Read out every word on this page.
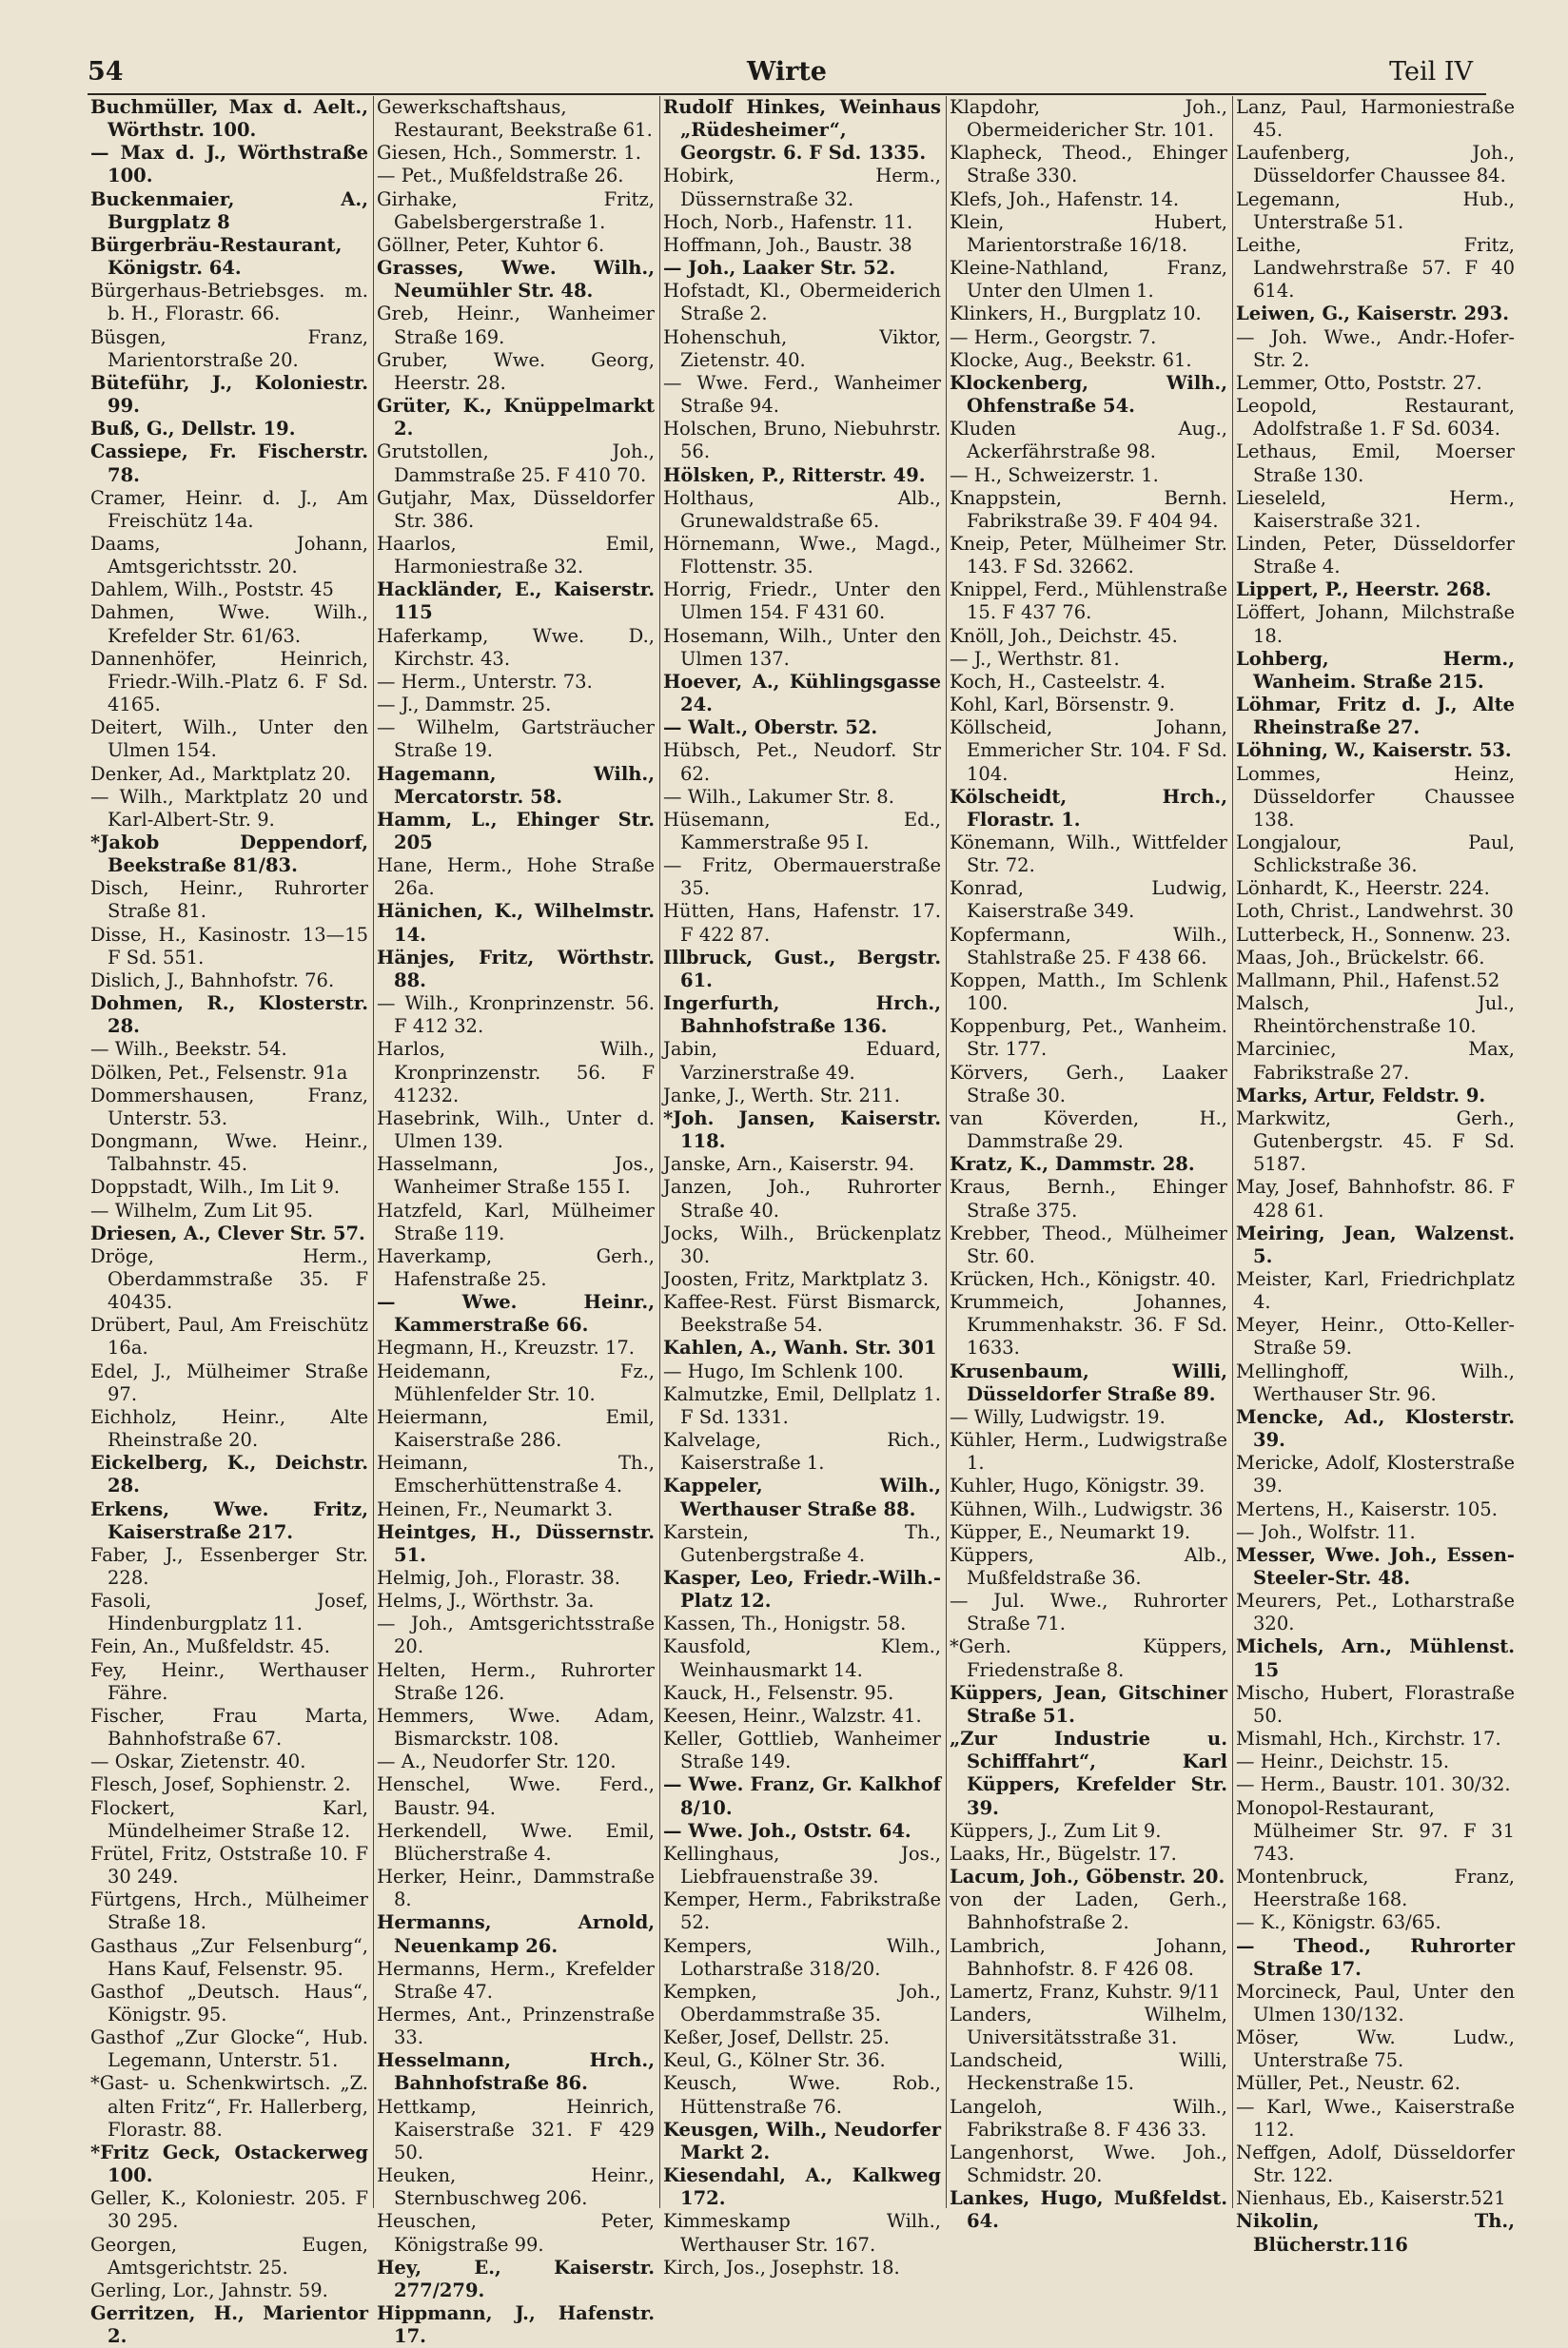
54	Wirte	Teil IV

Buchmüller, Max d. Aelt., Wörthstr. 100.

— Max d. J., Wörthstraße 100.

Buckenmaier, A., Burgplatz 8

Bürgerbräu-Restaurant, Königstr. 64.

Bürgerhaus-Betriebsges. m. b. H., Florastr. 66.

Büsgen, Franz, Marientorstraße 20.

Büteführ, J., Koloniestr. 99.

Buß, G., Dellstr. 19.

Cassiepe, Fr. Fischerstr. 78.

Cramer, Heinr. d. J., Am Freischütz 14a.

Daams, Johann, Amtsgerichtsstr. 20.

Dahlem, Wilh., Poststr. 45

Dahmen, Wwe. Wilh., Krefelder Str. 61/63.

Dannenhöfer, Heinrich, Friedr.-Wilh.-Platz 6. F Sd. 4165.

Deitert, Wilh., Unter den Ulmen 154.

Denker, Ad., Marktplatz 20.

— Wilh., Marktplatz 20 und Karl-Albert-Str. 9.

*Jakob Deppendorf, Beekstraße 81/83.

Disch, Heinr., Ruhrorter Straße 81.

Disse, H., Kasinostr. 13—15 F Sd. 551.

Dislich, J., Bahnhofstr. 76.

Dohmen, R., Klosterstr. 28.

— Wilh., Beekstr. 54.

Dölken, Pet., Felsenstr. 91a

Dommershausen, Franz, Unterstr. 53.

Dongmann, Wwe. Heinr., Talbahnstr. 45.

Doppstadt, Wilh., Im Lit 9.

— Wilhelm, Zum Lit 95.

Driesen, A., Clever Str. 57.

Dröge, Herm., Oberdammstraße 35. F 40435.

Drübert, Paul, Am Freischütz 16a.

Edel, J., Mülheimer Straße 97.

Eichholz, Heinr., Alte Rheinstraße 20.

Eickelberg, K., Deichstr. 28.

Erkens, Wwe. Fritz, Kaiserstraße 217.

Faber, J., Essenberger Str. 228.

Fasoli, Josef, Hindenburgplatz 11.

Fein, An., Mußfeldstr. 45.

Fey, Heinr., Werthauser Fähre.

Fischer, Frau Marta, Bahnhofstraße 67.

— Oskar, Zietenstr. 40.

Flesch, Josef, Sophienstr. 2.

Flockert, Karl, Mündelheimer Straße 12.

Frütel, Fritz, Oststraße 10. F 30 249.

Fürtgens, Hrch., Mülheimer Straße 18.

Gasthaus „Zur Felsenburg“, Hans Kauf, Felsenstr. 95.

Gasthof „Deutsch. Haus“, Königstr. 95.

Gasthof „Zur Glocke“, Hub. Legemann, Unterstr. 51.

*Gast- u. Schenkwirtsch. „Z. alten Fritz“, Fr. Hallerberg, Florastr. 88.

*Fritz Geck, Ostackerweg 100.

Geller, K., Koloniestr. 205. F 30 295.

Georgen, Eugen, Amtsgerichtstr. 25.

Gerling, Lor., Jahnstr. 59.

Gerritzen, H., Marientor 2.

Gewerkschaftshaus, Restaurant, Beekstraße 61.

Giesen, Hch., Sommerstr. 1.

— Pet., Mußfeldstraße 26.

Girhake, Fritz, Gabelsbergerstraße 1.

Göllner, Peter, Kuhtor 6.

Grasses, Wwe. Wilh., Neumühler Str. 48.

Greb, Heinr., Wanheimer Straße 169.

Gruber, Wwe. Georg, Heerstr. 28.

Grüter, K., Knüppelmarkt 2.

Grutstollen, Joh., Dammstraße 25. F 410 70.

Gutjahr, Max, Düsseldorfer Str. 386.

Haarlos, Emil, Harmoniestraße 32.

Hackländer, E., Kaiserstr. 115

Haferkamp, Wwe. D., Kirchstr. 43.

— Herm., Unterstr. 73.

— J., Dammstr. 25.

— Wilhelm, Gartsträucher Straße 19.

Hagemann, Wilh., Mercatorstr. 58.

Hamm, L., Ehinger Str. 205

Hane, Herm., Hohe Straße 26a.

Hänichen, K., Wilhelmstr. 14.

Hänjes, Fritz, Wörthstr. 88.

— Wilh., Kronprinzenstr. 56. F 412 32.

Harlos, Wilh., Kronprinzenstr. 56. F 41232.

Hasebrink, Wilh., Unter d. Ulmen 139.

Hasselmann, Jos., Wanheimer Straße 155 I.

Hatzfeld, Karl, Mülheimer Straße 119.

Haverkamp, Gerh., Hafenstraße 25.

— Wwe. Heinr., Kammerstraße 66.

Hegmann, H., Kreuzstr. 17.

Heidemann, Fz., Mühlenfelder Str. 10.

Heiermann, Emil, Kaiserstraße 286.

Heimann, Th., Emscherhüttenstraße 4.

Heinen, Fr., Neumarkt 3.

Heintges, H., Düssernstr. 51.

Helmig, Joh., Florastr. 38.

Helms, J., Wörthstr. 3a.

— Joh., Amtsgerichtsstraße 20.

Helten, Herm., Ruhrorter Straße 126.

Hemmers, Wwe. Adam, Bismarckstr. 108.

— A., Neudorfer Str. 120.

Henschel, Wwe. Ferd., Baustr. 94.

Herkendell, Wwe. Emil, Blücherstraße 4.

Herker, Heinr., Dammstraße 8.

Hermanns, Arnold, Neuenkamp 26.

Hermanns, Herm., Krefelder Straße 47.

Hermes, Ant., Prinzenstraße 33.

Hesselmann, Hrch., Bahnhofstraße 86.

Hettkamp, Heinrich, Kaiserstraße 321. F 429 50.

Heuken, Heinr., Sternbuschweg 206.

Heuschen, Peter, Königstraße 99.

Hey, E., Kaiserstr. 277/279.

Hippmann, J., Hafenstr. 17.

Rudolf Hinkes, Weinhaus „Rüdesheimer“, Georgstr. 6. F Sd. 1335.

Hobirk, Herm., Düssernstraße 32.

Hoch, Norb., Hafenstr. 11.

Hoffmann, Joh., Baustr. 38

— Joh., Laaker Str. 52.

Hofstadt, Kl., Obermeiderich Straße 2.

Hohenschuh, Viktor, Zietenstr. 40.

— Wwe. Ferd., Wanheimer Straße 94.

Holschen, Bruno, Niebuhrstr. 56.

Hölsken, P., Ritterstr. 49.

Holthaus, Alb., Grunewaldstraße 65.

Hörnemann, Wwe., Magd., Flottenstr. 35.

Horrig, Friedr., Unter den Ulmen 154. F 431 60.

Hosemann, Wilh., Unter den Ulmen 137.

Hoever, A., Kühlingsgasse 24.

— Walt., Oberstr. 52.

Hübsch, Pet., Neudorf. Str 62.

— Wilh., Lakumer Str. 8.

Hüsemann, Ed., Kammerstraße 95 I.

— Fritz, Obermauerstraße 35.

Hütten, Hans, Hafenstr. 17. F 422 87.

Illbruck, Gust., Bergstr. 61.

Ingerfurth, Hrch., Bahnhofstraße 136.

Jabin, Eduard, Varzinerstraße 49.

Janke, J., Werth. Str. 211.

*Joh. Jansen, Kaiserstr. 118.

Janske, Arn., Kaiserstr. 94.

Janzen, Joh., Ruhrorter Straße 40.

Jocks, Wilh., Brückenplatz 30.

Joosten, Fritz, Marktplatz 3.

Kaffee-Rest. Fürst Bismarck, Beekstraße 54.

Kahlen, A., Wanh. Str. 301

— Hugo, Im Schlenk 100.

Kalmutzke, Emil, Dellplatz 1. F Sd. 1331.

Kalvelage, Rich., Kaiserstraße 1.

Kappeler, Wilh., Werthauser Straße 88.

Karstein, Th., Gutenbergstraße 4.

Kasper, Leo, Friedr.-Wilh.-Platz 12.

Kassen, Th., Honigstr. 58.

Kausfold, Klem., Weinhausmarkt 14.

Kauck, H., Felsenstr. 95.

Keesen, Heinr., Walzstr. 41.

Keller, Gottlieb, Wanheimer Straße 149.

— Wwe. Franz, Gr. Kalkhof 8/10.

— Wwe. Joh., Oststr. 64.

Kellinghaus, Jos., Liebfrauenstraße 39.

Kemper, Herm., Fabrikstraße 52.

Kempers, Wilh., Lotharstraße 318/20.

Kempken, Joh., Oberdammstraße 35.

Keßer, Josef, Dellstr. 25.

Keul, G., Kölner Str. 36.

Keusch, Wwe. Rob., Hüttenstraße 76.

Keusgen, Wilh., Neudorfer Markt 2.

Kiesendahl, A., Kalkweg 172.

Kimmeskamp Wilh., Werthauser Str. 167.

Kirch, Jos., Josephstr. 18.

Klapdohr, Joh., Obermeidericher Str. 101.

Klapheck, Theod., Ehinger Straße 330.

Klefs, Joh., Hafenstr. 14.

Klein, Hubert, Marientorstraße 16/18.

Kleine-Nathland, Franz, Unter den Ulmen 1.

Klinkers, H., Burgplatz 10.

— Herm., Georgstr. 7.

Klocke, Aug., Beekstr. 61.

Klockenberg, Wilh., Ohfenstraße 54.

Kluden Aug., Ackerfährstraße 98.

— H., Schweizerstr. 1.

Knappstein, Bernh. Fabrikstraße 39. F 404 94.

Kneip, Peter, Mülheimer Str. 143. F Sd. 32662.

Knippel, Ferd., Mühlenstraße 15. F 437 76.

Knöll, Joh., Deichstr. 45.

— J., Werthstr. 81.

Koch, H., Casteelstr. 4.

Kohl, Karl, Börsenstr. 9.

Köllscheid, Johann, Emmericher Str. 104. F Sd. 104.

Kölscheidt, Hrch., Florastr. 1.

Könemann, Wilh., Wittfelder Str. 72.

Konrad, Ludwig, Kaiserstraße 349.

Kopfermann, Wilh., Stahlstraße 25. F 438 66.

Koppen, Matth., Im Schlenk 100.

Koppenburg, Pet., Wanheim. Str. 177.

Körvers, Gerh., Laaker Straße 30.

van Köverden, H., Dammstraße 29.

Kratz, K., Dammstr. 28.

Kraus, Bernh., Ehinger Straße 375.

Krebber, Theod., Mülheimer Str. 60.

Krücken, Hch., Königstr. 40.

Krummeich, Johannes, Krummenhakstr. 36. F Sd. 1633.

Krusenbaum, Willi, Düsseldorfer Straße 89.

— Willy, Ludwigstr. 19.

Kühler, Herm., Ludwigstraße 1.

Kuhler, Hugo, Königstr. 39.

Kühnen, Wilh., Ludwigstr. 36

Küpper, E., Neumarkt 19.

Küppers, Alb., Mußfeldstraße 36.

— Jul. Wwe., Ruhrorter Straße 71.

*Gerh. Küppers, Friedenstraße 8.

Küppers, Jean, Gitschiner Straße 51.

„Zur Industrie u. Schifffahrt“, Karl Küppers, Krefelder Str. 39.

Küppers, J., Zum Lit 9.

Laaks, Hr., Bügelstr. 17.

Lacum, Joh., Göbenstr. 20.

von der Laden, Gerh., Bahnhofstraße 2.

Lambrich, Johann, Bahnhofstr. 8. F 426 08.

Lamertz, Franz, Kuhstr. 9/11

Landers, Wilhelm, Universitätsstraße 31.

Landscheid, Willi, Heckenstraße 15.

Langeloh, Wilh., Fabrikstraße 8. F 436 33.

Langenhorst, Wwe. Joh., Schmidstr. 20.

Lankes, Hugo, Mußfeldst. 64.

Lanz, Paul, Harmoniestraße 45.

Laufenberg, Joh., Düsseldorfer Chaussee 84.

Legemann, Hub., Unterstraße 51.

Leithe, Fritz, Landwehrstraße 57. F 40 614.

Leiwen, G., Kaiserstr. 293.

— Joh. Wwe., Andr.-Hofer-Str. 2.

Lemmer, Otto, Poststr. 27.

Leopold, Restaurant, Adolfstraße 1. F Sd. 6034.

Lethaus, Emil, Moerser Straße 130.

Lieseleld, Herm., Kaiserstraße 321.

Linden, Peter, Düsseldorfer Straße 4.

Lippert, P., Heerstr. 268.

Löffert, Johann, Milchstraße 18.

Lohberg, Herm., Wanheim. Straße 215.

Löhmar, Fritz d. J., Alte Rheinstraße 27.

Löhning, W., Kaiserstr. 53.

Lommes, Heinz, Düsseldorfer Chaussee 138.

Longjalour, Paul, Schlickstraße 36.

Lönhardt, K., Heerstr. 224.

Loth, Christ., Landwehrst. 30

Lutterbeck, H., Sonnenw. 23.

Maas, Joh., Brückelstr. 66.

Mallmann, Phil., Hafenst.52

Malsch, Jul., Rheintörchenstraße 10.

Marciniec, Max, Fabrikstraße 27.

Marks, Artur, Feldstr. 9.

Markwitz, Gerh., Gutenbergstr. 45. F Sd. 5187.

May, Josef, Bahnhofstr. 86. F 428 61.

Meiring, Jean, Walzenst. 5.

Meister, Karl, Friedrichplatz 4.

Meyer, Heinr., Otto-Keller-Straße 59.

Mellinghoff, Wilh., Werthauser Str. 96.

Mencke, Ad., Klosterstr. 39.

Mericke, Adolf, Klosterstraße 39.

Mertens, H., Kaiserstr. 105.

— Joh., Wolfstr. 11.

Messer, Wwe. Joh., Essen-Steeler-Str. 48.

Meurers, Pet., Lotharstraße 320.

Michels, Arn., Mühlenst. 15

Mischo, Hubert, Florastraße 50.

Mismahl, Hch., Kirchstr. 17.

— Heinr., Deichstr. 15.

— Herm., Baustr. 101. 30/32.

Monopol-Restaurant, Mülheimer Str. 97. F 31 743.

Montenbruck, Franz, Heerstraße 168.

— K., Königstr. 63/65.

— Theod., Ruhrorter Straße 17.

Morcineck, Paul, Unter den Ulmen 130/132.

Möser, Ww. Ludw., Unterstraße 75.

Müller, Pet., Neustr. 62.

— Karl, Wwe., Kaiserstraße 112.

Neffgen, Adolf, Düsseldorfer Str. 122.

Nienhaus, Eb., Kaiserstr.521

Nikolin, Th., Blücherstr.116
